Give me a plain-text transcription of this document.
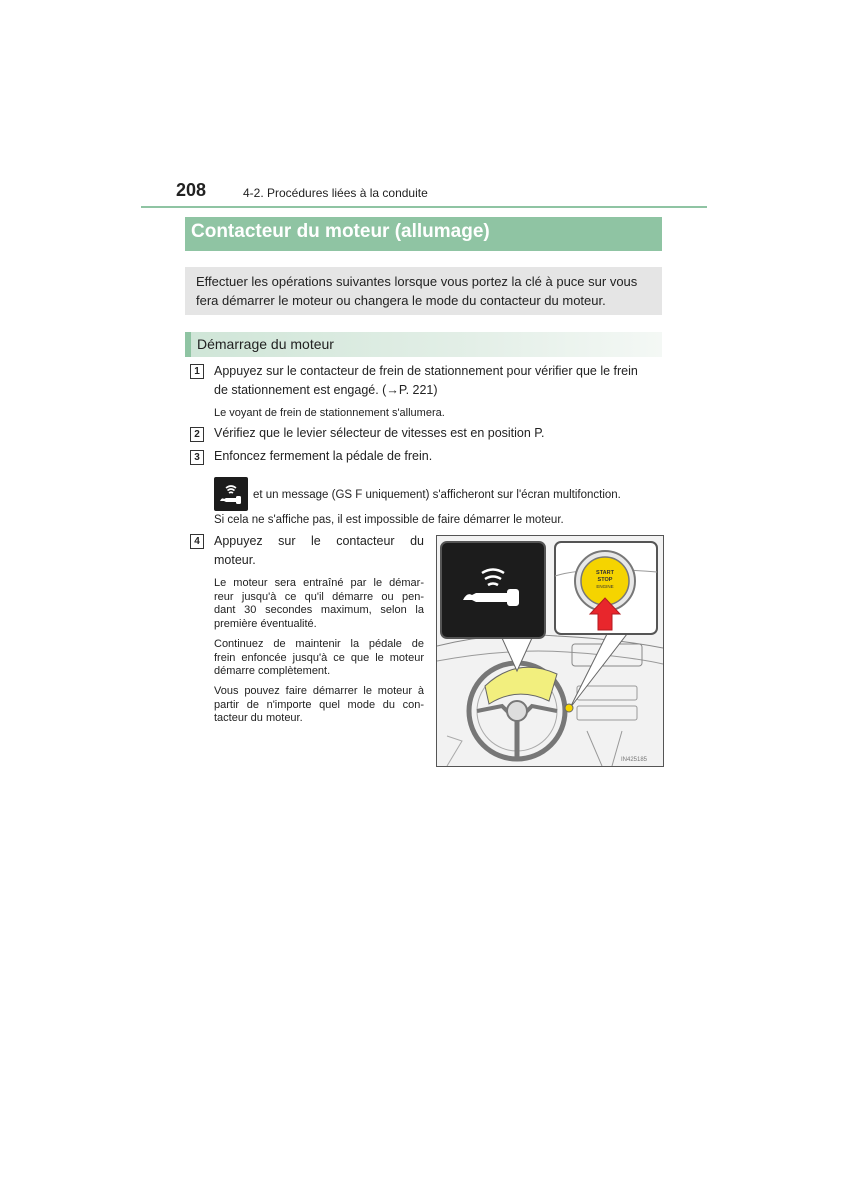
208	4-2. Procédures liées à la conduite
Contacteur du moteur (allumage)

Effectuer les opérations suivantes lorsque vous portez la clé à puce sur vous fera démarrer le moteur ou changera le mode du contacteur du moteur.

Démarrage du moteur
1	Appuyez sur le contacteur de frein de stationnement pour vérifier que le frein
de stationnement est engagé. (→P. 221)
Le voyant de frein de stationnement s'allumera.
2	Vérifiez que le levier sélecteur de vitesses est en position P.
3	Enfoncez fermement la pédale de frein.
et un message (GS F uniquement) s'afficheront sur l'écran multifonction.
Si cela ne s'affiche pas, il est impossible de faire démarrer le moteur.
4	Appuyez sur le contacteur du
moteur.
Le moteur sera entraîné par le démar-
reur jusqu'à ce qu'il démarre ou pen-
dant 30 secondes maximum, selon la
première éventualité.
Continuez de maintenir la pédale de
frein enfoncée jusqu'à ce que le moteur
démarre complètement.
Vous pouvez faire démarrer le moteur à
partir de n'importe quel mode du con-
tacteur du moteur.
START
STOP
ENGINE
IN425185
